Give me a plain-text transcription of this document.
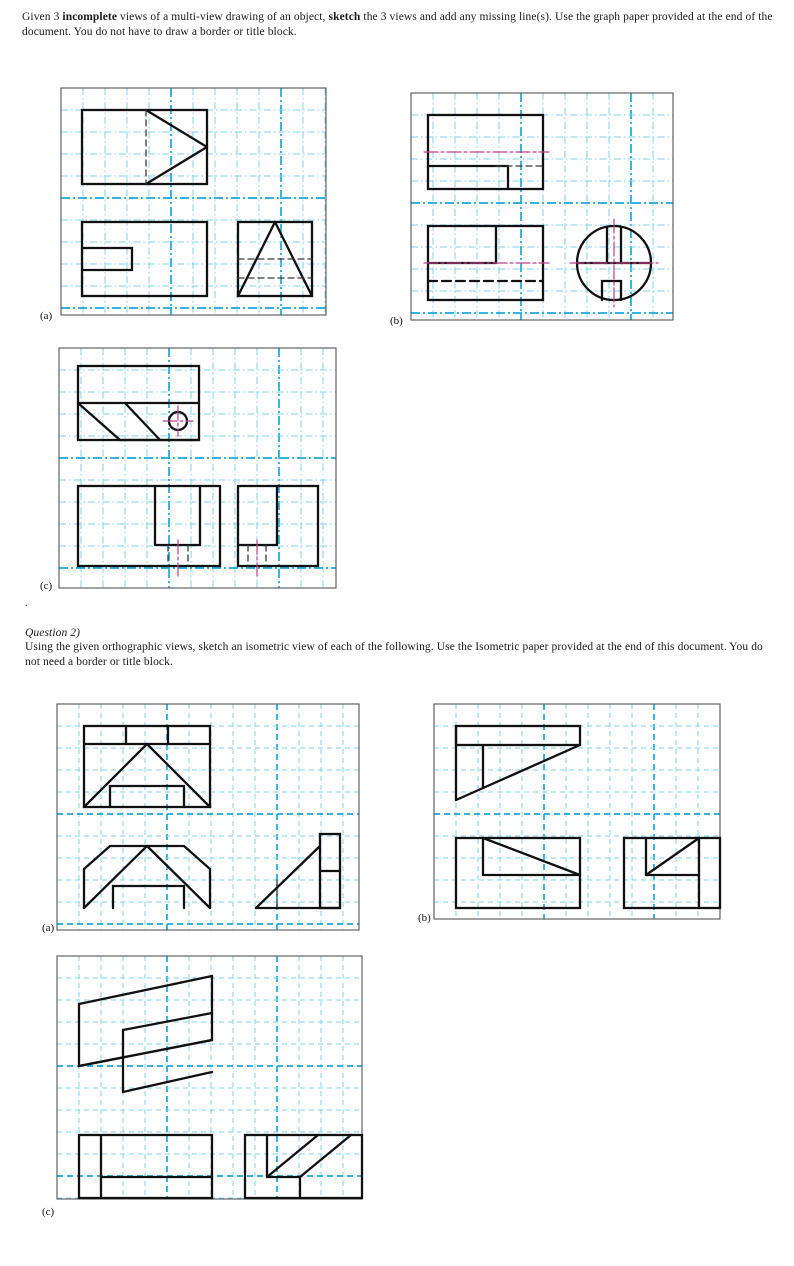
Given 3 incomplete views of a multi-view drawing of an object, sketch the 3 views and add any missing line(s). Use the graph paper provided at the end of the document. You do not have to draw a border or title block.
.
Question 2)
Using the given orthographic views, sketch an isometric view of each of the following. Use the Isometric paper provided at the end of this document. You do not need a border or title block.
(a)	(b)
(c)
(a)
(b)
(c)
